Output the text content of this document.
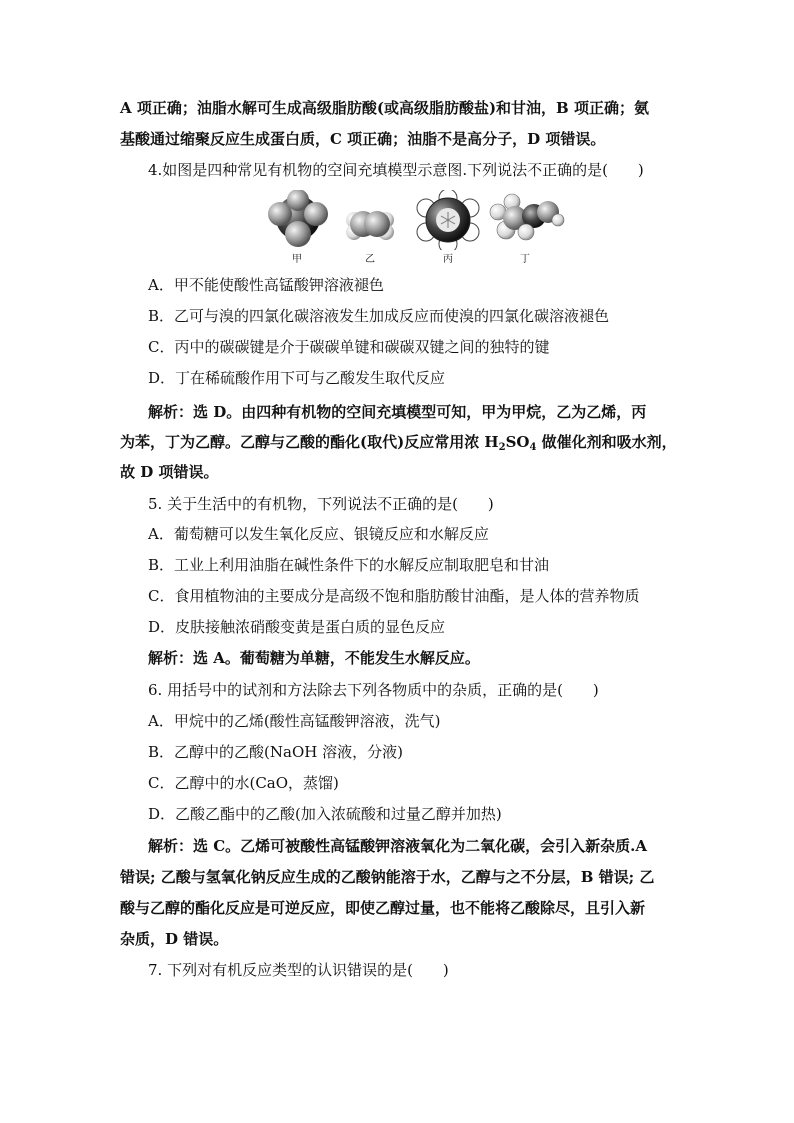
A 项正确；油脂水解可生成高级脂肪酸(或高级脂肪酸盐)和甘油，B 项正确；氨
基酸通过缩聚反应生成蛋白质，C 项正确；油脂不是高分子，D 项错误。
4.如图是四种常见有机物的空间充填模型示意图.下列说法不正确的是(　　)
甲	乙	丙	丁
A．甲不能使酸性高锰酸钾溶液褪色
B．乙可与溴的四氯化碳溶液发生加成反应而使溴的四氯化碳溶液褪色
C．丙中的碳碳键是介于碳碳单键和碳碳双键之间的独特的键
D．丁在稀硫酸作用下可与乙酸发生取代反应
解析：选 D。由四种有机物的空间充填模型可知，甲为甲烷，乙为乙烯，丙
为苯，丁为乙醇。乙醇与乙酸的酯化(取代)反应常用浓 $H_2SO_4$ 做催化剂和吸水剂，
故 D 项错误。
5. 关于生活中的有机物，下列说法不正确的是(　　)
A．葡萄糖可以发生氧化反应、银镜反应和水解反应
B．工业上利用油脂在碱性条件下的水解反应制取肥皂和甘油
C．食用植物油的主要成分是高级不饱和脂肪酸甘油酯，是人体的营养物质
D．皮肤接触浓硝酸变黄是蛋白质的显色反应
解析：选 A。葡萄糖为单糖，不能发生水解反应。
6. 用括号中的试剂和方法除去下列各物质中的杂质，正确的是(　　)
A．甲烷中的乙烯(酸性高锰酸钾溶液，洗气)
B．乙醇中的乙酸(NaOH 溶液，分液)
C．乙醇中的水(CaO，蒸馏)
D．乙酸乙酯中的乙酸(加入浓硫酸和过量乙醇并加热)
解析：选 C。乙烯可被酸性高锰酸钾溶液氧化为二氧化碳，会引入新杂质.A
错误; 乙酸与氢氧化钠反应生成的乙酸钠能溶于水，乙醇与之不分层，B 错误; 乙
酸与乙醇的酯化反应是可逆反应，即使乙醇过量，也不能将乙酸除尽，且引入新
杂质，D 错误。
7. 下列对有机反应类型的认识错误的是(　　)
